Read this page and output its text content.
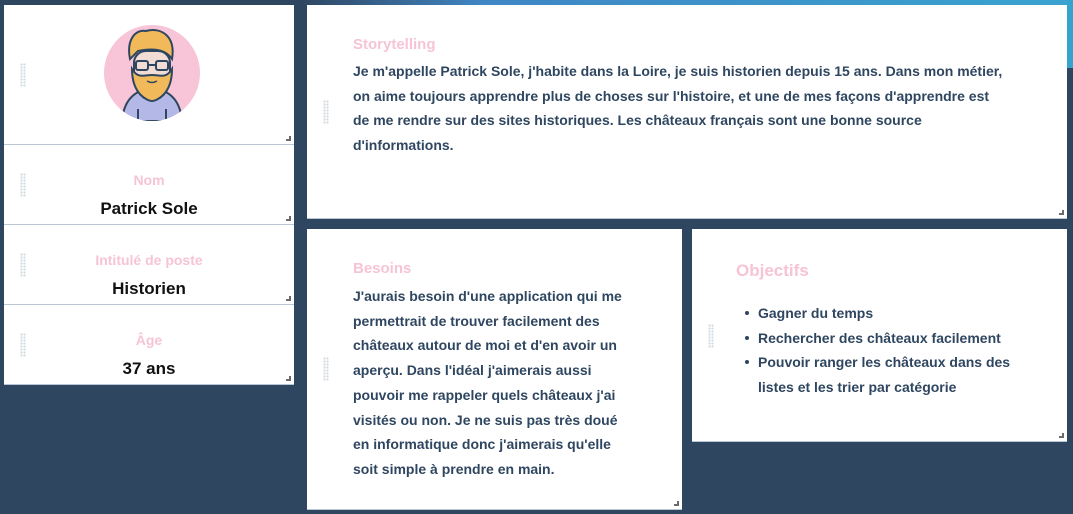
Nom
Patrick Sole
Intitulé de poste
Historien
Âge
37 ans
Storytelling
Je m'appelle Patrick Sole, j'habite dans la Loire, je suis historien depuis 15 ans. Dans mon métier,
on aime toujours apprendre plus de choses sur l'histoire, et une de mes façons d'apprendre est
de me rendre sur des sites historiques. Les châteaux français sont une bonne source
d'informations.
Besoins
J'aurais besoin d'une application qui me
permettrait de trouver facilement des
châteaux autour de moi et d'en avoir un
aperçu. Dans l'idéal j'aimerais aussi
pouvoir me rappeler quels châteaux j'ai
visités ou non. Je ne suis pas très doué
en informatique donc j'aimerais qu'elle
soit simple à prendre en main.
Objectifs
Gagner du temps
Rechercher des châteaux facilement
Pouvoir ranger les châteaux dans des listes et les trier par catégorie
